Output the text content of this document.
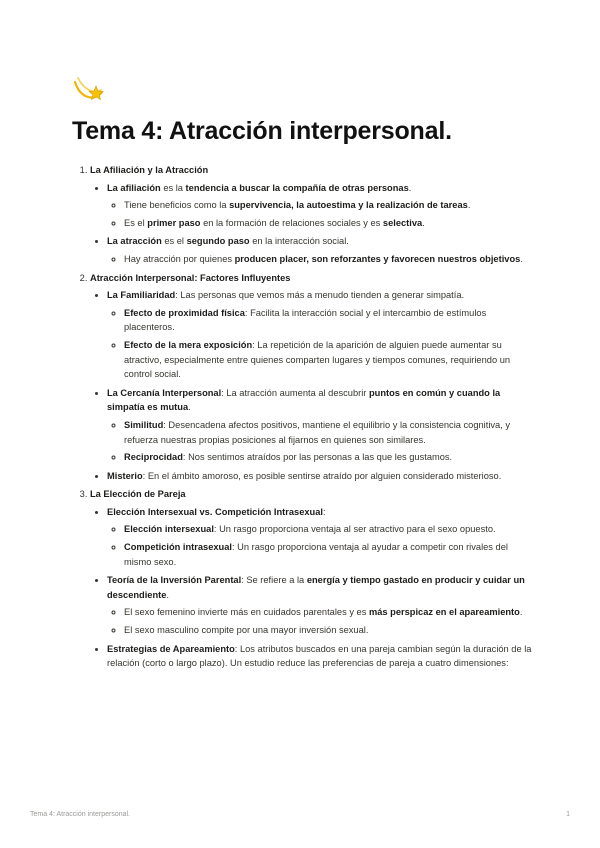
Tema 4: Atracción interpersonal.
1. La Afiliación y la Atracción
• La afiliación es la tendencia a buscar la compañía de otras personas.
◦ Tiene beneficios como la supervivencia, la autoestima y la realización de tareas.
◦ Es el primer paso en la formación de relaciones sociales y es selectiva.
• La atracción es el segundo paso en la interacción social.
◦ Hay atracción por quienes producen placer, son reforzantes y favorecen nuestros objetivos.
2. Atracción Interpersonal: Factores Influyentes
• La Familiaridad: Las personas que vemos más a menudo tienden a generar simpatía.
◦ Efecto de proximidad física: Facilita la interacción social y el intercambio de estímulos placenteros.
◦ Efecto de la mera exposición: La repetición de la aparición de alguien puede aumentar su atractivo, especialmente entre quienes comparten lugares y tiempos comunes, requiriendo un control social.
• La Cercanía Interpersonal: La atracción aumenta al descubrir puntos en común y cuando la simpatía es mutua.
◦ Similitud: Desencadena afectos positivos, mantiene el equilibrio y la consistencia cognitiva, y refuerza nuestras propias posiciones al fijarnos en quienes son similares.
◦ Reciprocidad: Nos sentimos atraídos por las personas a las que les gustamos.
• Misterio: En el ámbito amoroso, es posible sentirse atraído por alguien considerado misterioso.
3. La Elección de Pareja
• Elección Intersexual vs. Competición Intrasexual:
◦ Elección intersexual: Un rasgo proporciona ventaja al ser atractivo para el sexo opuesto.
◦ Competición intrasexual: Un rasgo proporciona ventaja al ayudar a competir con rivales del mismo sexo.
• Teoría de la Inversión Parental: Se refiere a la energía y tiempo gastado en producir y cuidar un descendiente.
◦ El sexo femenino invierte más en cuidados parentales y es más perspicaz en el apareamiento.
◦ El sexo masculino compite por una mayor inversión sexual.
• Estrategias de Apareamiento: Los atributos buscados en una pareja cambian según la duración de la relación (corto o largo plazo). Un estudio reduce las preferencias de pareja a cuatro dimensiones:
Tema 4: Atracción interpersonal.	1
